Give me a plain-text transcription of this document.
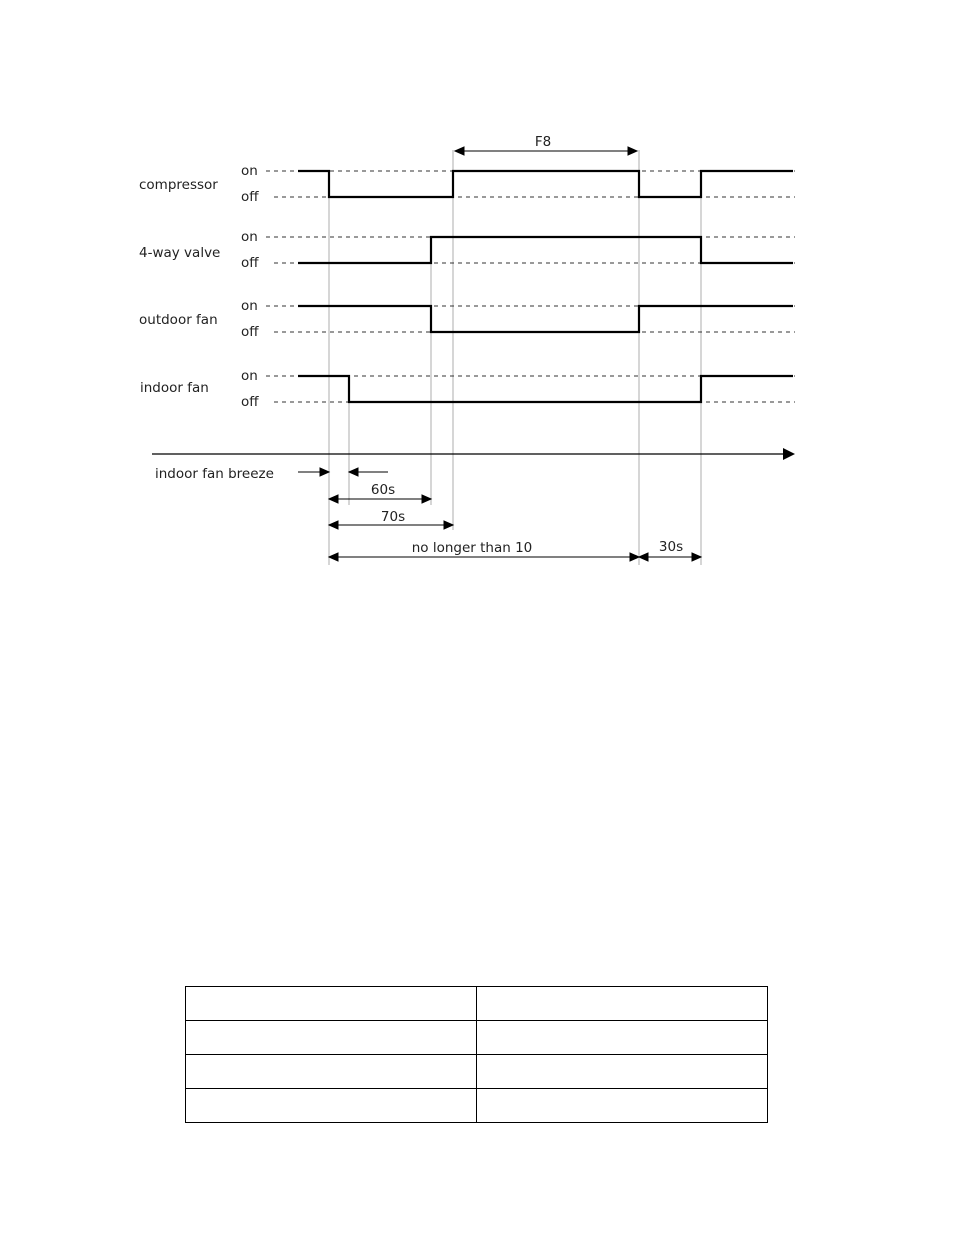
compressor
4-way valve
outdoor fan
indoor fan
on
off
on
off
on
off
on
off
F8
indoor fan breeze
60s
70s
no longer than 10	30s
